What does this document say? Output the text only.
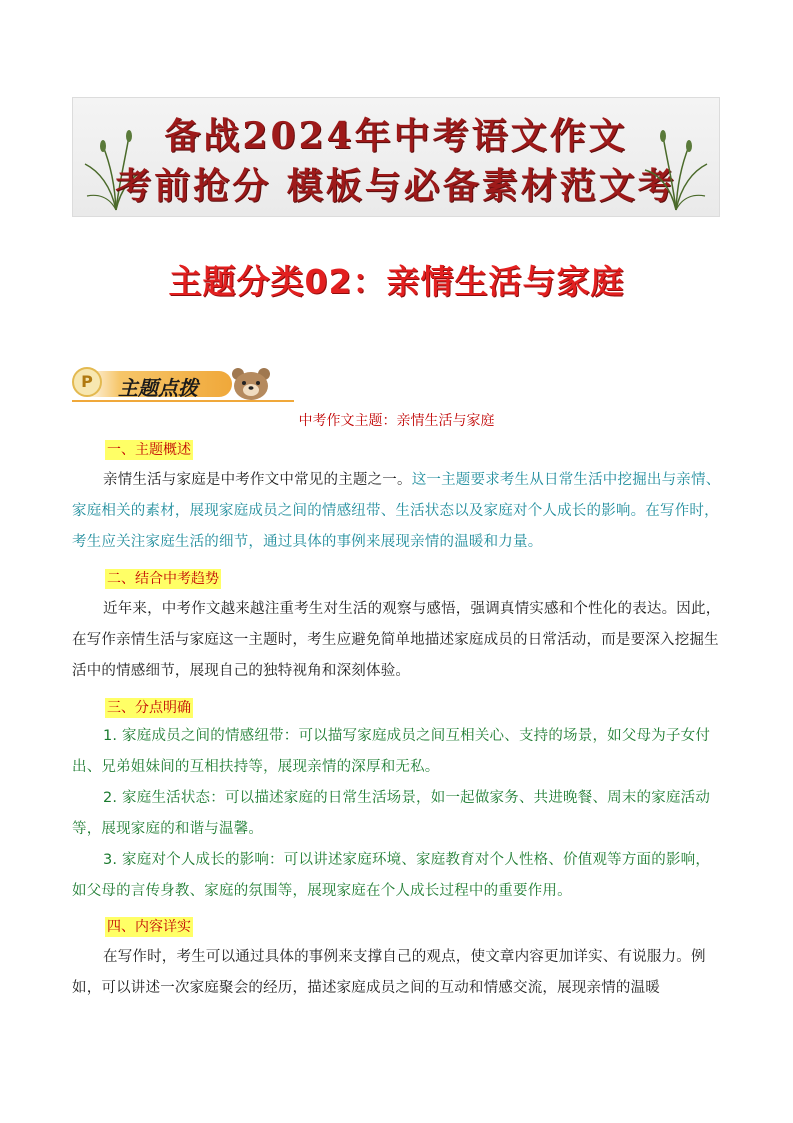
备战2024年中考语文作文
考前抢分 模板与必备素材范文考
主题分类02：亲情生活与家庭
P	主题点拨
中考作文主题：亲情生活与家庭
一、主题概述

亲情生活与家庭是中考作文中常见的主题之一。这一主题要求考生从日常生活中挖掘出与亲情、家庭相关的素材，展现家庭成员之间的情感纽带、生活状态以及家庭对个人成长的影响。在写作时，考生应关注家庭生活的细节，通过具体的事例来展现亲情的温暖和力量。

二、结合中考趋势

近年来，中考作文越来越注重考生对生活的观察与感悟，强调真情实感和个性化的表达。因此，在写作亲情生活与家庭这一主题时，考生应避免简单地描述家庭成员的日常活动，而是要深入挖掘生活中的情感细节，展现自己的独特视角和深刻体验。

三、分点明确

1. 家庭成员之间的情感纽带：可以描写家庭成员之间互相关心、支持的场景，如父母为子女付出、兄弟姐妹间的互相扶持等，展现亲情的深厚和无私。

2. 家庭生活状态：可以描述家庭的日常生活场景，如一起做家务、共进晚餐、周末的家庭活动等，展现家庭的和谐与温馨。

3. 家庭对个人成长的影响：可以讲述家庭环境、家庭教育对个人性格、价值观等方面的影响，如父母的言传身教、家庭的氛围等，展现家庭在个人成长过程中的重要作用。

四、内容详实

在写作时，考生可以通过具体的事例来支撑自己的观点，使文章内容更加详实、有说服力。例如，可以讲述一次家庭聚会的经历，描述家庭成员之间的互动和情感交流，展现亲情的温暖
